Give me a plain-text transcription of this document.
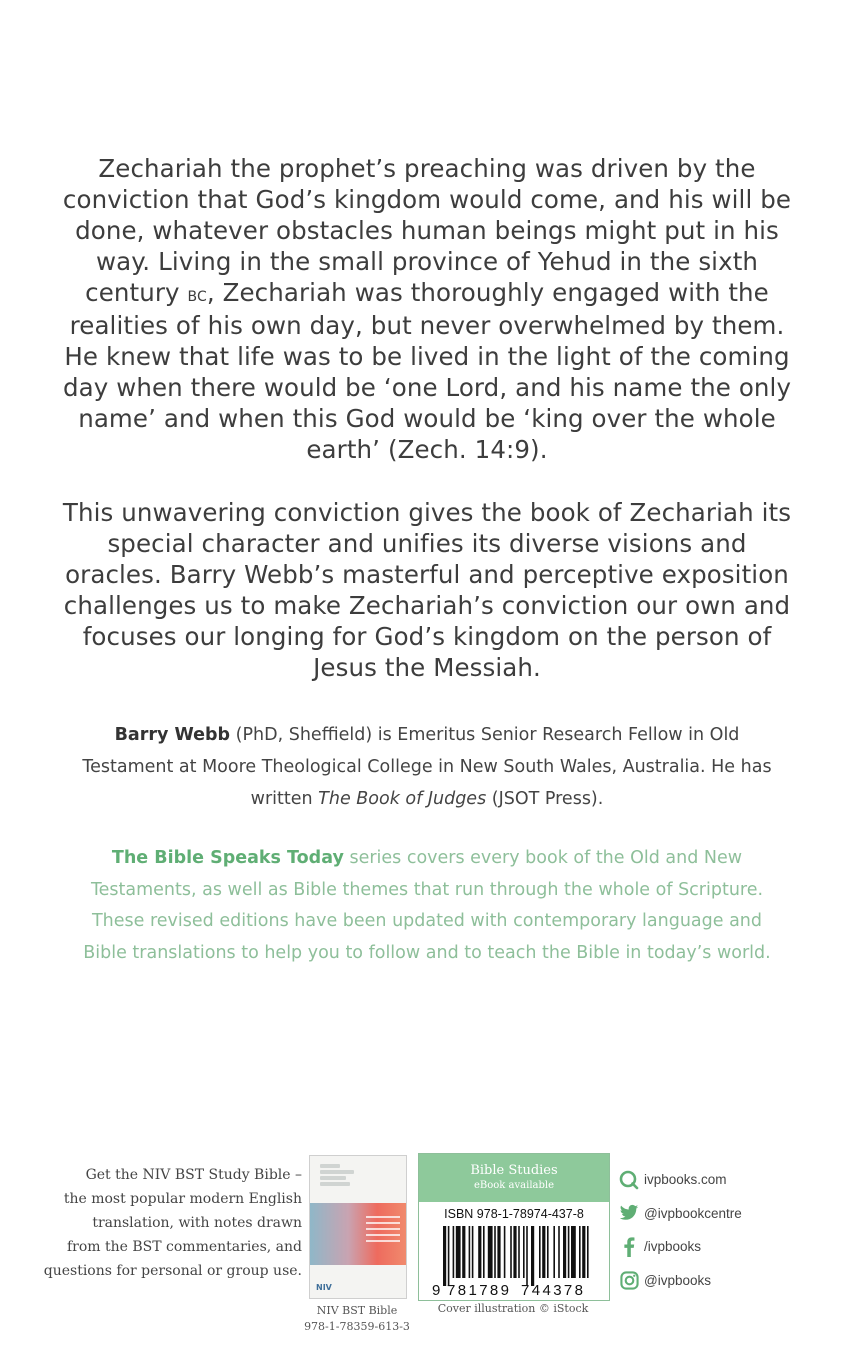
Zechariah the prophet’s preaching was driven by the conviction that God’s kingdom would come, and his will be done, whatever obstacles human beings might put in his way. Living in the small province of Yehud in the sixth century bc, Zechariah was thoroughly engaged with the realities of his own day, but never overwhelmed by them. He knew that life was to be lived in the light of the coming day when there would be ‘one Lord, and his name the only name’ and when this God would be ‘king over the whole earth’ (Zech. 14:9).

This unwavering conviction gives the book of Zechariah its special character and unifies its diverse visions and oracles. Barry Webb’s masterful and perceptive exposition challenges us to make Zechariah’s conviction our own and focuses our longing for God’s kingdom on the person of Jesus the Messiah.

Barry Webb (PhD, Sheffield) is Emeritus Senior Research Fellow in Old Testament at Moore Theological College in New South Wales, Australia. He has written The Book of Judges (JSOT Press).
The Bible Speaks Today series covers every book of the Old and New Testaments, as well as Bible themes that run through the whole of Scripture. These revised editions have been updated with contemporary language and Bible translations to help you to follow and to teach the Bible in today’s world.
Get the NIV BST Study Bible –
the most popular modern English
translation, with notes drawn
from the BST commentaries, and
questions for personal or group use.
NIV
NIV BST Bible
978-1-78359-613-3
Bible Studies
eBook available
ISBN 978-1-78974-437-8
9 781789 744378
Cover illustration © iStock
ivpbooks.com
@ivpbookcentre
/ivpbooks
@ivpbooks
